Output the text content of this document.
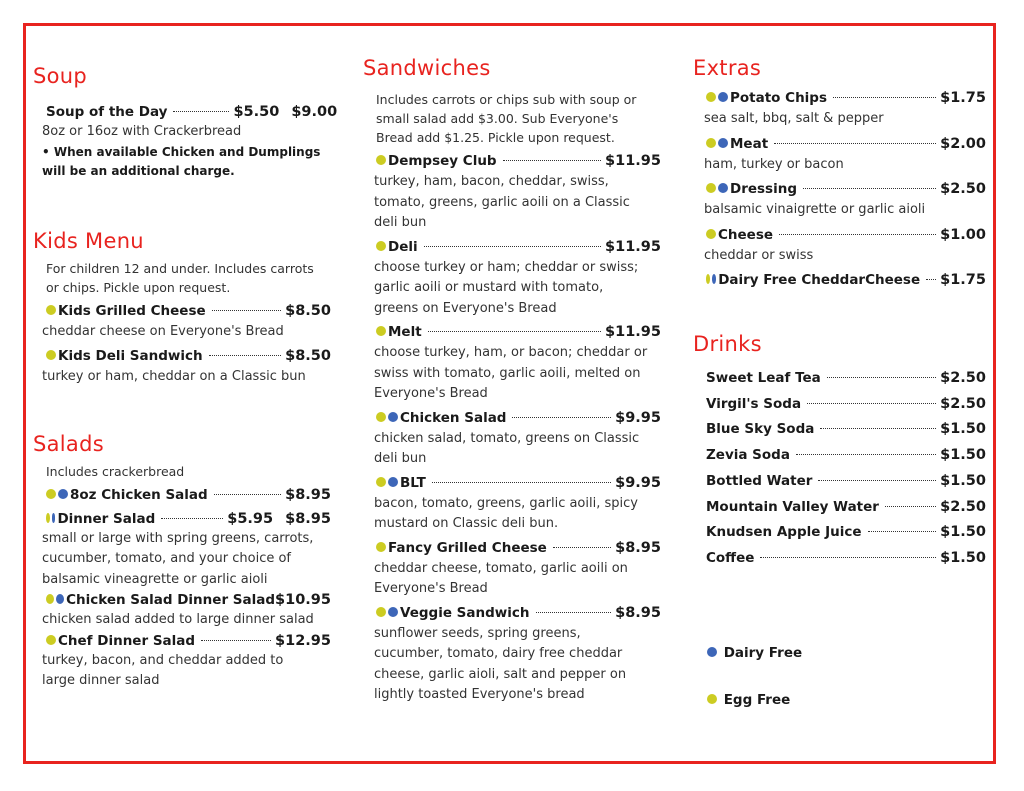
Soup
Soup of the Day	$5.50 $9.00
8oz or 16oz with Crackerbread
• When available Chicken and Dumplings will be an additional charge.
Kids Menu
For children 12 and under. Includes carrots or chips. Pickle upon request.
Kids Grilled Cheese	$8.50
cheddar cheese on Everyone's Bread
Kids Deli Sandwich	$8.50
turkey or ham, cheddar on a Classic bun
Salads
Includes crackerbread
8oz Chicken Salad	$8.95
Dinner Salad	$5.95 $8.95
small or large with spring greens, carrots, cucumber, tomato, and your choice of balsamic vineagrette or garlic aioli
Chicken Salad Dinner Salad $10.95
chicken salad added to large dinner salad
Chef Dinner Salad	$12.95
turkey, bacon, and cheddar added to large dinner salad
Sandwiches
Includes carrots or chips sub with soup or small salad add $3.00. Sub Everyone's Bread add $1.25. Pickle upon request.
Dempsey Club	$11.95
turkey, ham, bacon, cheddar, swiss, tomato, greens, garlic aoili on a Classic deli bun
Deli	$11.95
choose turkey or ham; cheddar or swiss; garlic aoili or mustard with tomato, greens on Everyone's Bread
Melt	$11.95
choose turkey, ham, or bacon; cheddar or swiss with tomato, garlic aoili, melted on Everyone's Bread
Chicken Salad	$9.95
chicken salad, tomato, greens on Classic deli bun
BLT	$9.95
bacon, tomato, greens, garlic aoili, spicy mustard on Classic deli bun.
Fancy Grilled Cheese	$8.95
cheddar cheese, tomato, garlic aoili on Everyone's Bread
Veggie Sandwich	$8.95
sunflower seeds, spring greens, cucumber, tomato, dairy free cheddar cheese, garlic aioli, salt and pepper on lightly toasted Everyone's bread
Extras
Potato Chips	$1.75
sea salt, bbq, salt & pepper
Meat	$2.00
ham, turkey or bacon
Dressing	$2.50
balsamic vinaigrette or garlic aioli
Cheese	$1.00
cheddar or swiss
Dairy Free CheddarCheese $1.75
Drinks
Sweet Leaf Tea	$2.50
Virgil's Soda	$2.50
Blue Sky Soda	$1.50
Zevia Soda	$1.50
Bottled Water	$1.50
Mountain Valley Water	$2.50
Knudsen Apple Juice	$1.50
Coffee	$1.50
Dairy Free
Egg Free
